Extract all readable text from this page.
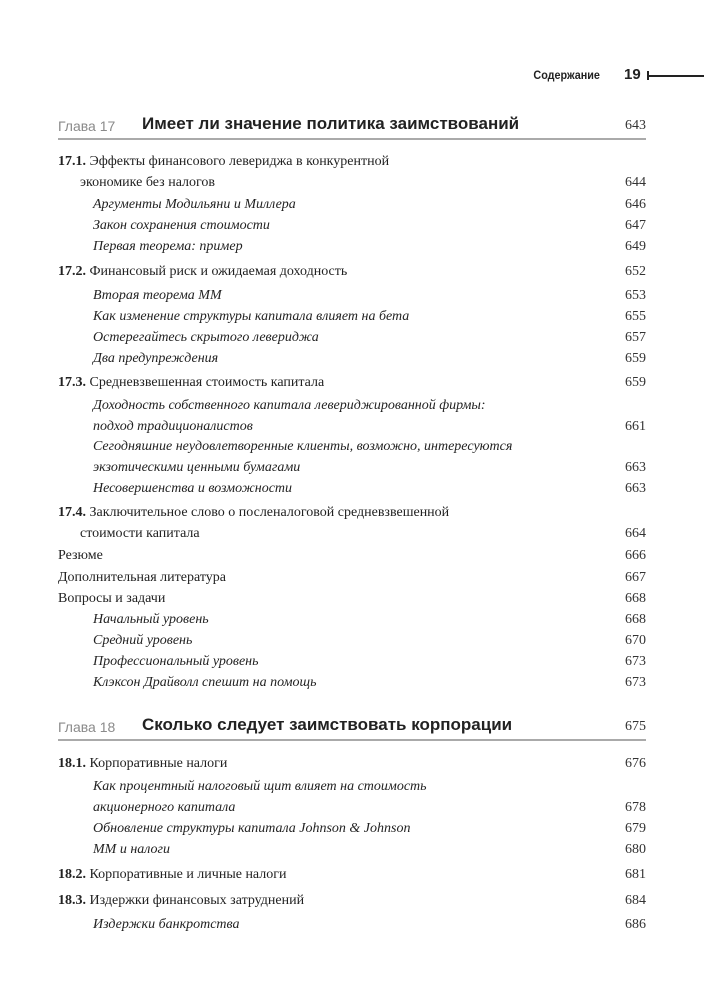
Содержание 19
Глава 17 Имеет ли значение политика заимствований	643
17.1. Эффекты финансового левериджа в конкурентной
экономике без налогов	644
Аргументы Модильяни и Миллера	646
Закон сохранения стоимости	647
Первая теорема: пример	649
17.2. Финансовый риск и ожидаемая доходность	652
Вторая теорема ММ	653
Как изменение структуры капитала влияет на бета	655
Остерегайтесь скрытого левериджа	657
Два предупреждения	659
17.3. Средневзвешенная стоимость капитала	659
Доходность собственного капитала левериджированной фирмы:
подход традиционалистов	661
Сегодняшние неудовлетворенные клиенты, возможно, интересуются
экзотическими ценными бумагами	663
Несовершенства и возможности	663
17.4. Заключительное слово о посленалоговой средневзвешенной
стоимости капитала	664
Резюме	666
Дополнительная литература	667
Вопросы и задачи	668
Начальный уровень	668
Средний уровень	670
Профессиональный уровень	673
Клэксон Драйволл спешит на помощь	673
Глава 18 Сколько следует заимствовать корпорации	675
18.1. Корпоративные налоги	676
Как процентный налоговый щит влияет на стоимость
акционерного капитала	678
Обновление структуры капитала Johnson & Johnson	679
ММ и налоги	680
18.2. Корпоративные и личные налоги	681
18.3. Издержки финансовых затруднений	684
Издержки банкротства	686
